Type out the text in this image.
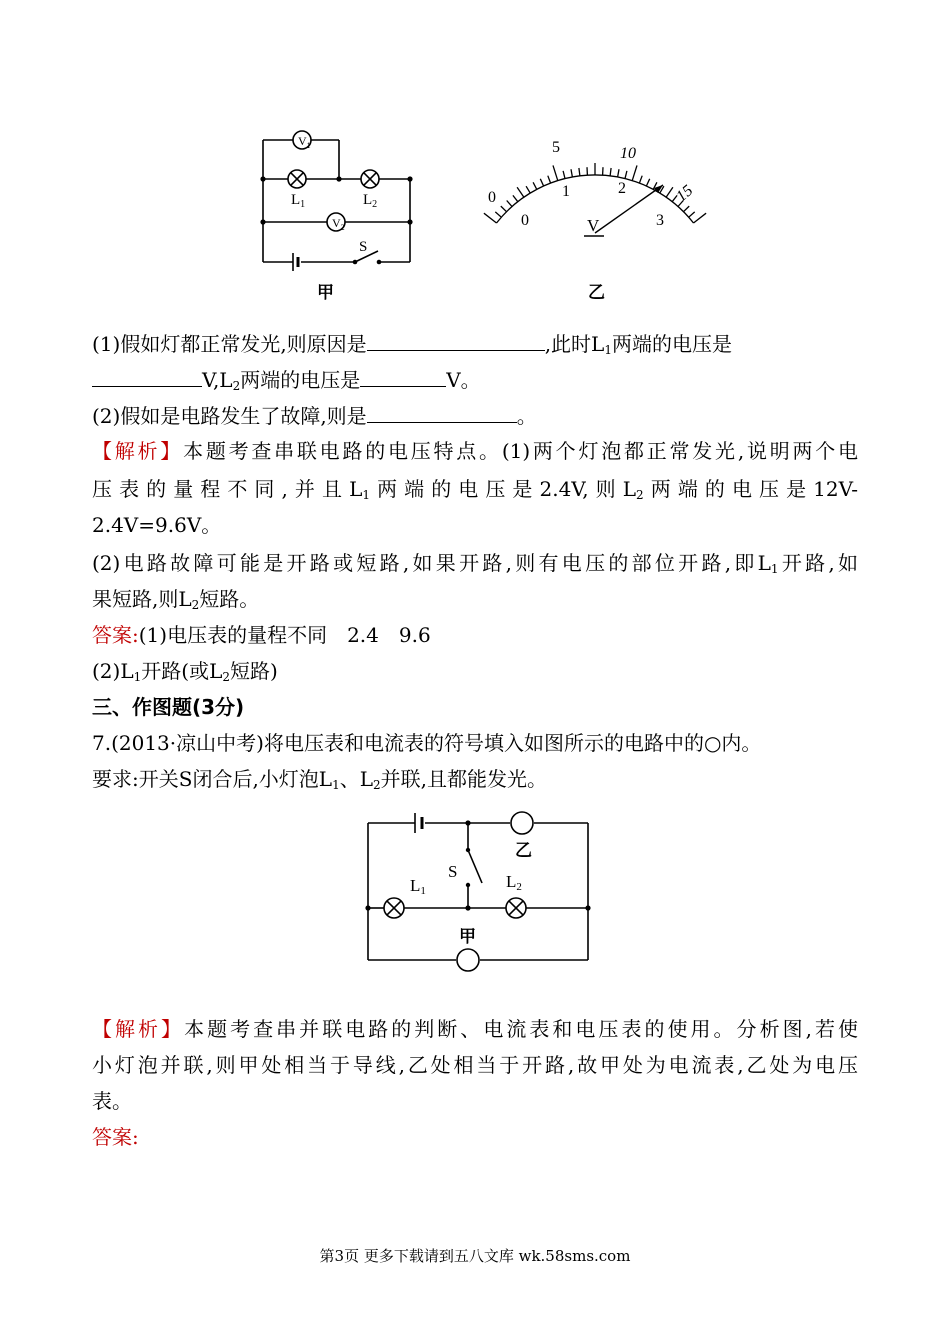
$V_1$
$V_2$
$L_1$	$L_2$
S
甲
0
5	10
15
0
1	2
3
V
乙
(1)假如灯都正常发光,则原因是	,此时$L_1$两端的电压是
$V,L_2$两端的电压是	V。
(2)假如是电路发生了故障,则是	。
【解析】本题考查串联电路的电压特点。(1)两个灯泡都正常发光,说明两个电
压表的量程不同,并且$L_1$两端的电压是2.4V,则$L_2$两端的电压是12V-
2.4V=9.6V。
(2)电路故障可能是开路或短路,如果开路,则有电压的部位开路,即$L_1$开路,如
果短路,则$L_2$短路。
答案:(1)电压表的量程不同　2.4　9.6
$(2)L_1$开路(或$L_2$短路)
三、作图题(3分)
7.(2013·凉山中考)将电压表和电流表的符号填入如图所示的电路中的○内。
要求:开关S闭合后,小灯泡$L_1$、$L_2$并联,且都能发光。
S
L1	L2
乙
甲
【解析】本题考查串并联电路的判断、电流表和电压表的使用。分析图,若使
小灯泡并联,则甲处相当于导线,乙处相当于开路,故甲处为电流表,乙处为电压
表。
答案:
第3页 更多下载请到五八文库 wk.58sms.com
